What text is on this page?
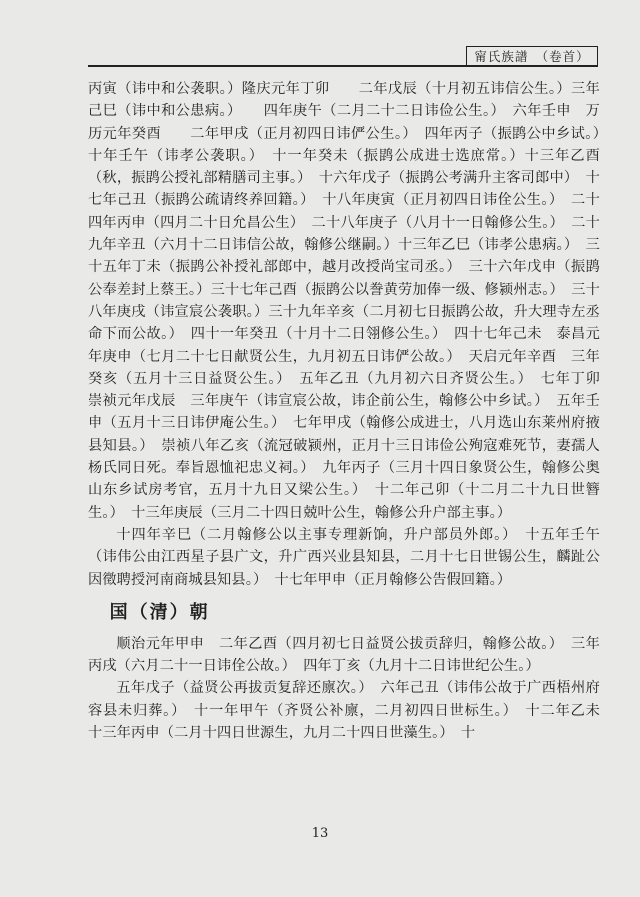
甯氏族譜　（卷首）

丙寅（讳中和公袭职。）隆庆元年丁卯　　二年戊辰（十月初五讳信公生。）三年己巳（讳中和公患病。）　　四年庚午（二月二十二日讳俭公生。）　六年壬申　万历元年癸酉　　二年甲戌（正月初四日讳俨公生。）　四年丙子（振鹍公中乡试。）　十年壬午（讳孝公袭职。）　十一年癸未（振鹍公成进士选庶常。）十三年乙酉（秋，振鹍公授礼部精膳司主事。）　十六年戊子（振鹍公考满升主客司郎中）　十七年己丑（振鹍公疏请终养回籍。）　十八年庚寅（正月初四日讳佺公生。）　二十四年丙申（四月二十日允昌公生）　二十八年庚子（八月十一日翰修公生。）　二十九年辛丑（六月十二日讳信公故，翰修公继嗣。）十三年乙巳（讳孝公患病。）　三十五年丁未（振鹍公补授礼部郎中，越月改授尚宝司丞。）　三十六年戊申（振鹍公奉差封上蔡王。）三十七年己酉（振鹍公以誊黄劳加俸一级、修颍州志。）　三十八年庚戌（讳宣宸公袭职。）三十九年辛亥（二月初七日振鹍公故，升大理寺左丞命下而公故。）　四十一年癸丑（十月十二日翎修公生。）　四十七年己未　泰昌元年庚申（七月二十七日献贤公生，九月初五日讳俨公故。）　天启元年辛酉　三年癸亥（五月十三日益贤公生。）　五年乙丑（九月初六日齐贤公生。）　七年丁卯　崇祯元年戊辰　三年庚午（讳宣宸公故，讳企前公生，翰修公中乡试。）　五年壬申（五月十三日讳伊庵公生。）　七年甲戌（翰修公成进士，八月选山东莱州府掖县知县。）　崇祯八年乙亥（流冠破颍州，正月十三日讳俭公殉寇难死节，妻孺人杨氏同日死。奉旨恩恤祀忠义祠。）　九年丙子（三月十四日象贤公生，翰修公奥山东乡试房考官，五月十九日又梁公生。）　十二年己卯（十二月二十九日世簪生。）　十三年庚辰（三月二十四日兢叶公生，翰修公升户部主事。）

十四年辛巳（二月翰修公以主事专理新饷，升户部员外郎。）　十五年壬午（讳伟公由江西星子县广文，升广西兴业县知县，二月十七日世锡公生，麟趾公因徵聘授河南商城县知县。）　十七年甲申（正月翰修公告假回籍。）

国（清）朝

顺治元年甲申　二年乙酉（四月初七日益贤公拔贡辞归，翰修公故。）　三年丙戌（六月二十一日讳佺公故。）　四年丁亥（九月十二日讳世纪公生。）

五年戊子（益贤公再拔贡复辞还廪次。）　六年己丑（讳伟公故于广西梧州府容县未归葬。）　十一年甲午（齐贤公补廪，二月初四日世标生。）　十二年乙未　十三年丙申（二月十四日世源生，九月二十四日世藻生。）　十

13
